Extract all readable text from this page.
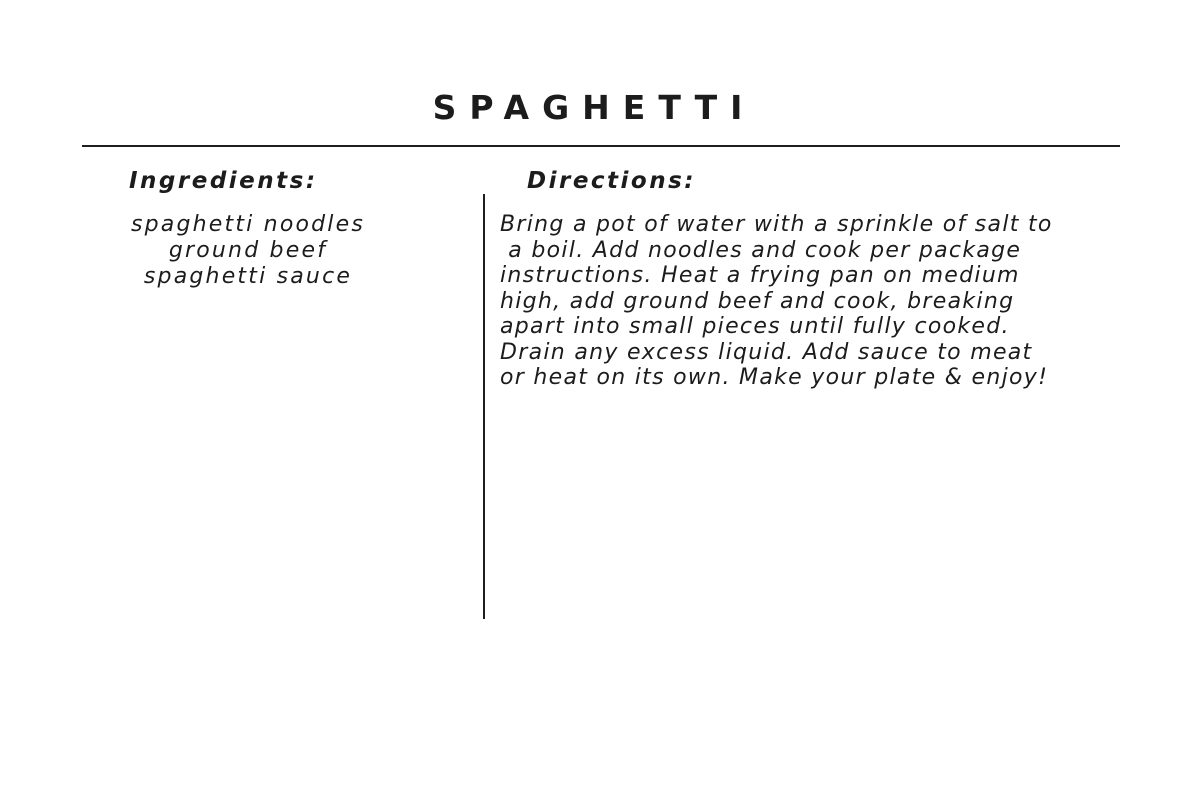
SPAGHETTI
Ingredients:	Directions:
spaghetti noodles
ground beef
spaghetti sauce
Bring a pot of water with a sprinkle of salt to
a boil. Add noodles and cook per package
instructions. Heat a frying pan on medium
high, add ground beef and cook, breaking
apart into small pieces until fully cooked.
Drain any excess liquid. Add sauce to meat
or heat on its own. Make your plate & enjoy!
